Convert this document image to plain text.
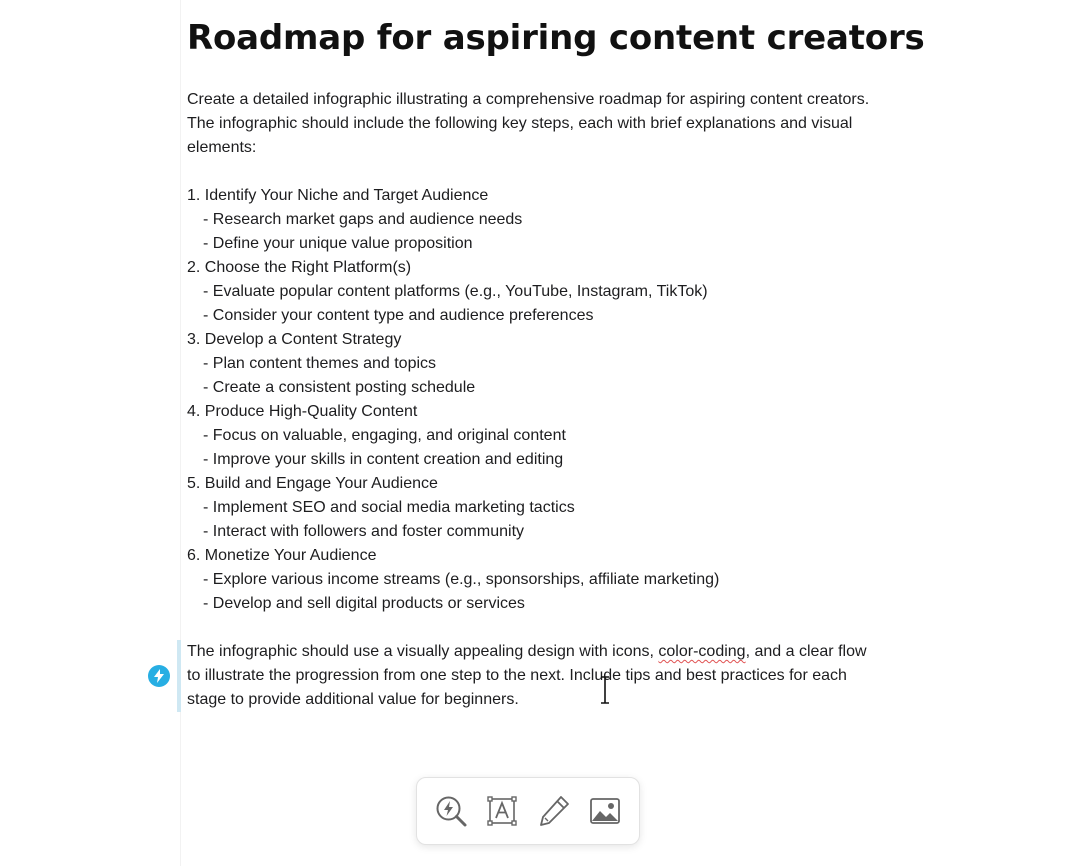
Roadmap for aspiring content creators
Create a detailed infographic illustrating a comprehensive roadmap for aspiring content creators. The infographic should include the following key steps, each with brief explanations and visual elements:
1. Identify Your Niche and Target Audience
- Research market gaps and audience needs
- Define your unique value proposition
2. Choose the Right Platform(s)
- Evaluate popular content platforms (e.g., YouTube, Instagram, TikTok)
- Consider your content type and audience preferences
3. Develop a Content Strategy
- Plan content themes and topics
- Create a consistent posting schedule
4. Produce High-Quality Content
- Focus on valuable, engaging, and original content
- Improve your skills in content creation and editing
5. Build and Engage Your Audience
- Implement SEO and social media marketing tactics
- Interact with followers and foster community
6. Monetize Your Audience
- Explore various income streams (e.g., sponsorships, affiliate marketing)
- Develop and sell digital products or services
The infographic should use a visually appealing design with icons, color-coding, and a clear flow to illustrate the progression from one step to the next. Include tips and best practices for each stage to provide additional value for beginners.
